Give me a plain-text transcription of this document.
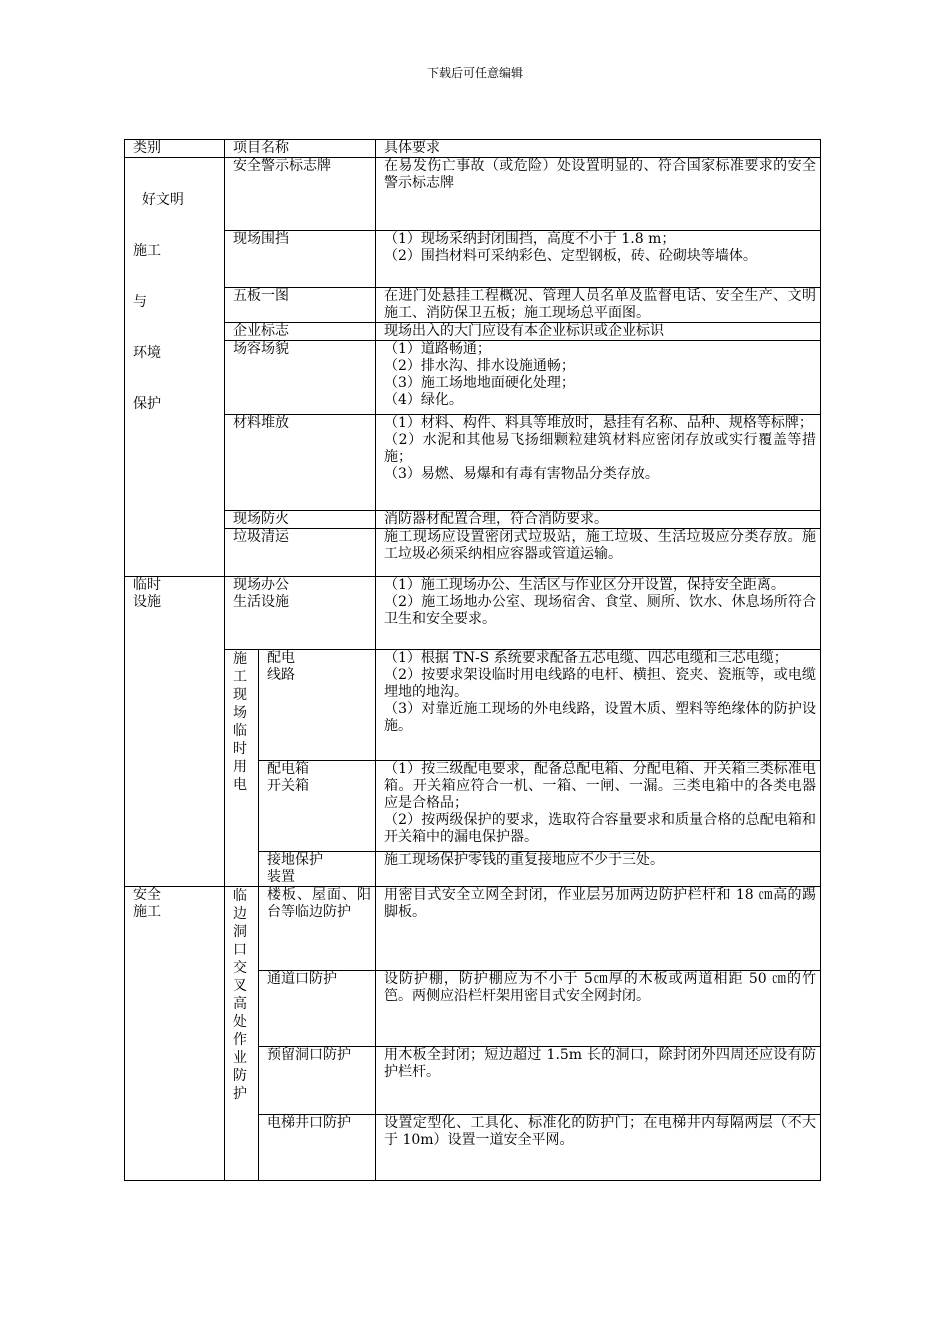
下载后可任意编辑
类别	项目名称		具体要求

好文明

施工

与

环境

保护	安全警示标志牌		在易发伤亡事故（或危险）处设置明显的、符合国家标准要求的安全警示标志牌

	现场围挡		（1）现场采纳封闭围挡，高度不小于 1.8 m；
（2）围挡材料可采纳彩色、定型钢板，砖、砼砌块等墙体。

	五板一图		在进门处悬挂工程概况、管理人员名单及监督电话、安全生产、文明施工、消防保卫五板；施工现场总平面图。

	企业标志		现场出入的大门应设有本企业标识或企业标识

	场容场貌		（1）道路畅通；
（2）排水沟、排水设施通畅；
（3）施工场地地面硬化处理；
（4）绿化。

	材料堆放		（1）材料、构件、料具等堆放时，悬挂有名称、品种、规格等标牌；
（2）水泥和其他易飞扬细颗粒建筑材料应密闭存放或实行覆盖等措施；
（3）易燃、易爆和有毒有害物品分类存放。

	现场防火		消防器材配置合理，符合消防要求。

	垃圾清运		施工现场应设置密闭式垃圾站，施工垃圾、生活垃圾应分类存放。施工垃圾必须采纳相应容器或管道运输。

临时
设施	现场办公
生活设施		（1）施工现场办公、生活区与作业区分开设置，保持安全距离。
（2）施工场地办公室、现场宿舍、食堂、厕所、饮水、休息场所符合卫生和安全要求。

	施工现场临时用电	配电
线路	（1）根据 TN-S 系统要求配备五芯电缆、四芯电缆和三芯电缆；
（2）按要求架设临时用电线路的电杆、横担、瓷夹、瓷瓶等，或电缆埋地的地沟。
（3）对靠近施工现场的外电线路，设置木质、塑料等绝缘体的防护设施。

		配电箱
开关箱	（1）按三级配电要求，配备总配电箱、分配电箱、开关箱三类标准电箱。开关箱应符合一机、一箱、一闸、一漏。三类电箱中的各类电器应是合格品；
（2）按两级保护的要求，选取符合容量要求和质量合格的总配电箱和开关箱中的漏电保护器。

		接地保护
装置	施工现场保护零钱的重复接地应不少于三处。

安全
施工	临边洞口交叉高处作业防护	楼板、屋面、阳台等临边防护	用密目式安全立网全封闭，作业层另加两边防护栏杆和 18 ㎝高的踢脚板。

		通道口防护	设防护棚，防护棚应为不小于 5㎝厚的木板或两道相距 50 ㎝的竹笆。两侧应沿栏杆架用密目式安全网封闭。

		预留洞口防护	用木板全封闭；短边超过 1.5m 长的洞口，除封闭外四周还应设有防护栏杆。

		电梯井口防护	设置定型化、工具化、标准化的防护门；在电梯井内每隔两层（不大于 10m）设置一道安全平网。
